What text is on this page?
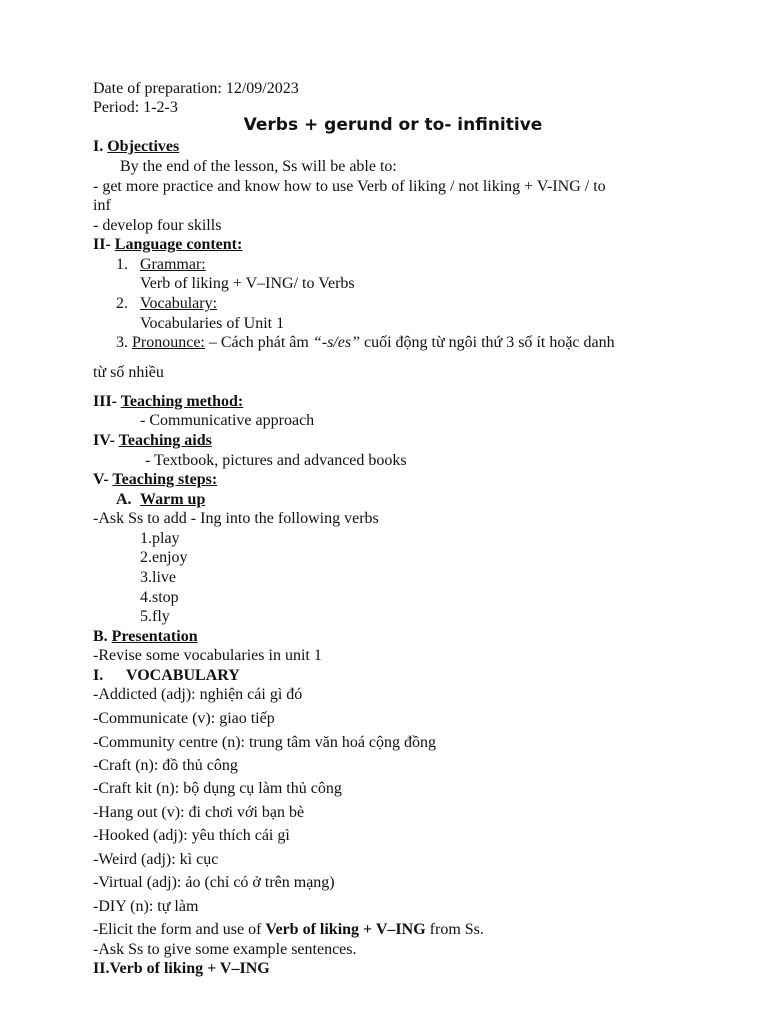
Date of preparation: 12/09/2023
Period: 1-2-3
Verbs + gerund or to- infinitive
I. Objectives
By the end of the lesson, Ss will be able to:
- get more practice and know how to use Verb of liking / not liking + V-ING / to
inf
- develop four skills
II- Language content:
1. Grammar:
Verb of liking + V–ING/ to Verbs
2. Vocabulary:
Vocabularies of Unit 1
3. Pronounce: – Cách phát âm “-s/es” cuối động từ ngôi thứ 3 số ít hoặc danh
từ số nhiều
III- Teaching method:
- Communicative approach
IV- Teaching aids
- Textbook, pictures and advanced books
V- Teaching steps:
A. Warm up
-Ask Ss to add - Ing into the following verbs
1.play
2.enjoy
3.live
4.stop
5.fly
B. Presentation
-Revise some vocabularies in unit 1
I. VOCABULARY
-Addicted (adj): nghiện cái gì đó
-Communicate (v): giao tiếp
-Community centre (n): trung tâm văn hoá cộng đồng
-Craft (n): đồ thủ công
-Craft kit (n): bộ dụng cụ làm thủ công
-Hang out (v): đi chơi với bạn bè
-Hooked (adj): yêu thích cái gì
-Weird (adj): kì cục
-Virtual (adj): ảo (chỉ có ở trên mạng)
-DIY (n): tự làm
-Elicit the form and use of Verb of liking + V–ING from Ss.
-Ask Ss to give some example sentences.
II.Verb of liking + V–ING
